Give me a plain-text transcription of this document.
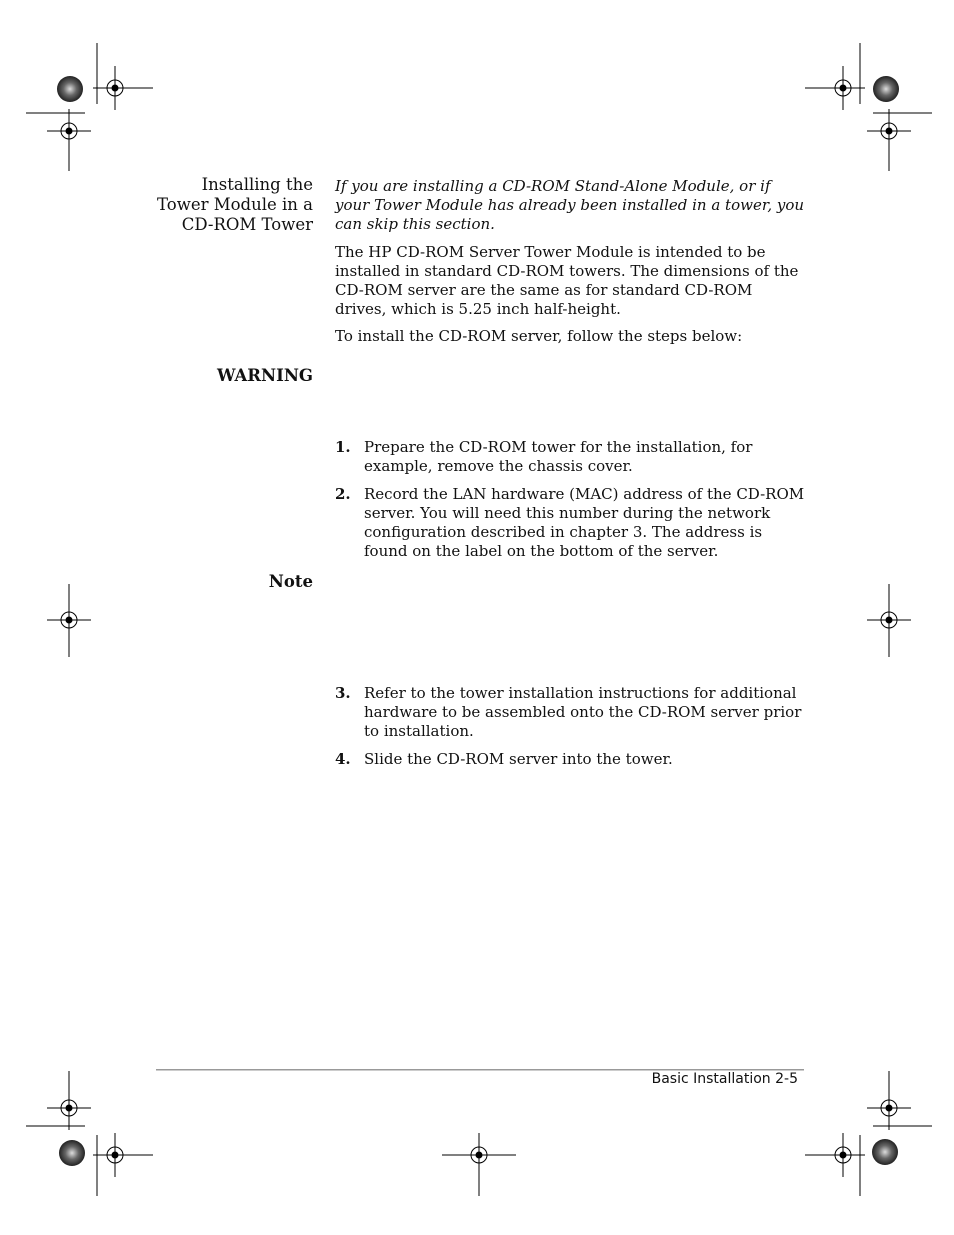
Installing the
Tower Module in a
CD-ROM Tower

If you are installing a CD-ROM Stand-Alone Module, or if your Tower Module has already been installed in a tower, you can skip this section.

The HP CD-ROM Server Tower Module is intended to be installed in standard CD-ROM towers. The dimensions of the CD-ROM server are the same as for standard CD-ROM drives, which is 5.25 inch half-height.

To install the CD-ROM server, follow the steps below:

WARNING
1. Prepare the CD-ROM tower for the installation, for example, remove the chassis cover.
2. Record the LAN hardware (MAC) address of the CD-ROM server. You will need this number during the network configuration described in chapter 3. The address is found on the label on the bottom of the server.
Note
3. Refer to the tower installation instructions for additional hardware to be assembled onto the CD-ROM server prior to installation.
4. Slide the CD-ROM server into the tower.
Basic Installation 2-5
